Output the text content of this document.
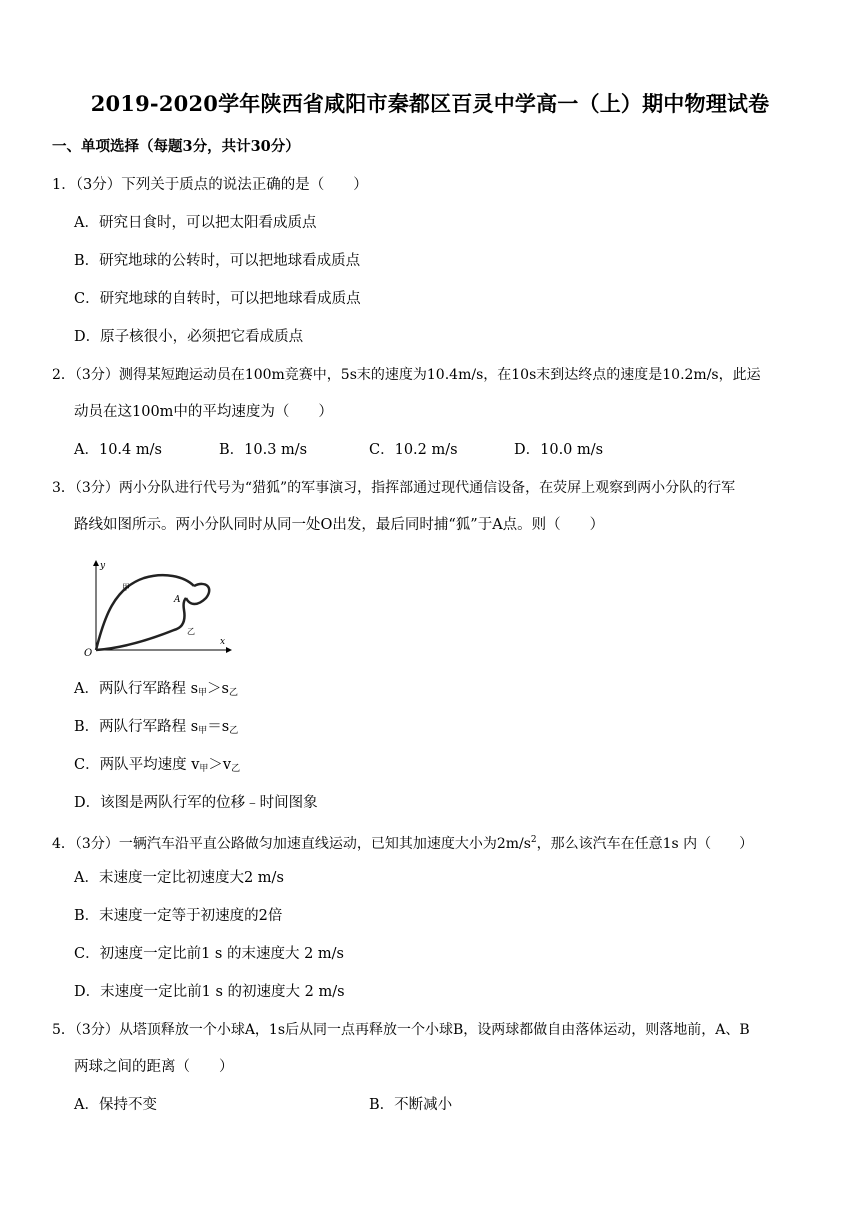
2019-2020学年陕西省咸阳市秦都区百灵中学高一（上）期中物理试卷
一、单项选择（每题3分，共计30分）
1．（3分）下列关于质点的说法正确的是（　　）
A．研究日食时，可以把太阳看成质点
B．研究地球的公转时，可以把地球看成质点
C．研究地球的自转时，可以把地球看成质点
D．原子核很小，必须把它看成质点
2．（3分）测得某短跑运动员在100m竞赛中，5s末的速度为10.4m/s，在10s末到达终点的速度是10.2m/s，此运
动员在这100m中的平均速度为（　　）
A．10.4 m/s	B．10.3 m/s	C．10.2 m/s	D．10.0 m/s
3．（3分）两小分队进行代号为“猎狐”的军事演习，指挥部通过现代通信设备，在荧屏上观察到两小分队的行军
路线如图所示。两小分队同时从同一处O出发，最后同时捕“狐”于A点。则（　　）
y
x
O
A
甲
乙
A．两队行军路程 $s_甲>s_乙$
B．两队行军路程 $s_甲=s_乙$
C．两队平均速度 $v_甲>v_乙$
D．该图是两队行军的位移﹣时间图象
4．（3分）一辆汽车沿平直公路做匀加速直线运动，已知其加速度大小为$2m/s^2$，那么该汽车在任意1s 内（　　）
A．末速度一定比初速度大2 m/s
B．末速度一定等于初速度的2倍
C．初速度一定比前1 s 的末速度大 2 m/s
D．末速度一定比前1 s 的初速度大 2 m/s
5．（3分）从塔顶释放一个小球A，1s后从同一点再释放一个小球B，设两球都做自由落体运动，则落地前，A、B
两球之间的距离（　　）
A．保持不变	B．不断减小
